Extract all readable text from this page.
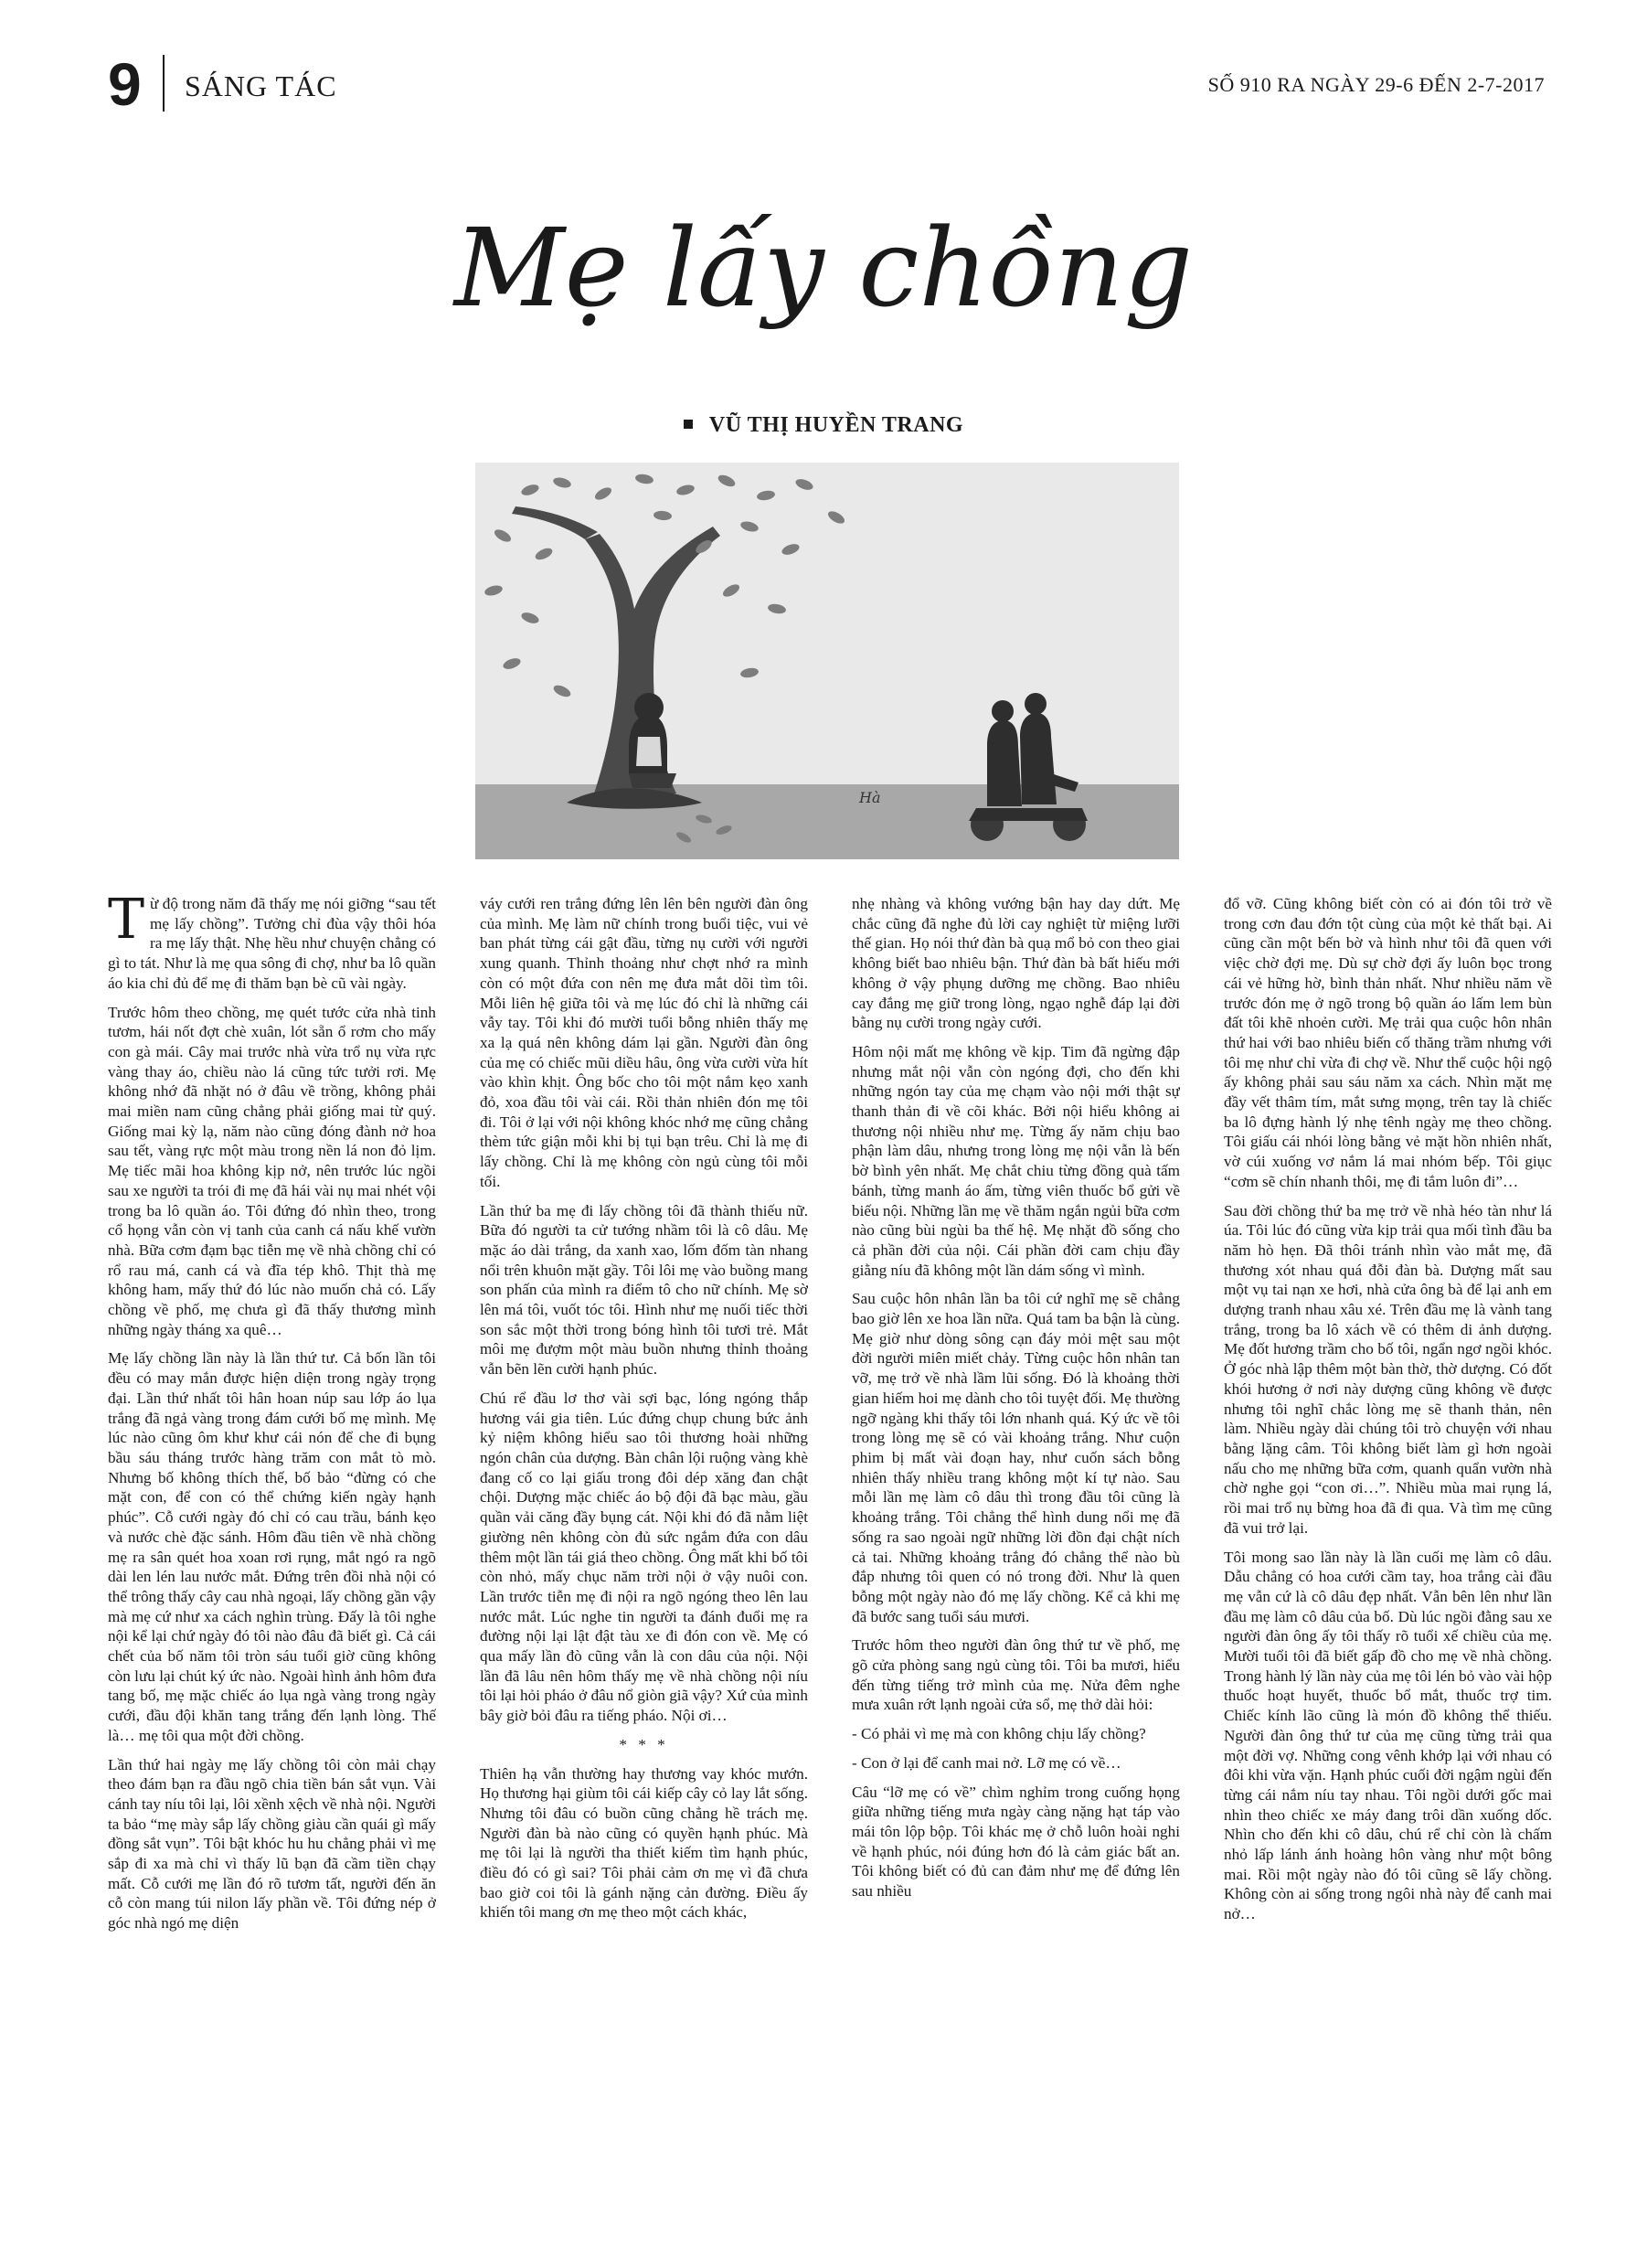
9 SÁNG TÁC	SỐ 910 RA NGÀY 29-6 ĐẾN 2-7-2017
Mẹ lấy chồng
VŨ THỊ HUYỀN TRANG
Hà

Từ độ trong năm đã thấy mẹ nói giỡng “sau tết mẹ lấy chồng”. Tưởng chỉ đùa vậy thôi hóa ra mẹ lấy thật. Nhẹ hều như chuyện chẳng có gì to tát. Như là mẹ qua sông đi chợ, như ba lô quần áo kia chỉ đủ để mẹ đi thăm bạn bè cũ vài ngày.

Trước hôm theo chồng, mẹ quét tước cửa nhà tinh tươm, hái nốt đợt chè xuân, lót sẵn ổ rơm cho mấy con gà mái. Cây mai trước nhà vừa trổ nụ vừa rực vàng thay áo, chiều nào lá cũng tức tưởi rơi. Mẹ không nhớ đã nhặt nó ở đâu về trồng, không phải mai miền nam cũng chẳng phải giống mai từ quý. Giống mai kỳ lạ, năm nào cũng đóng đành nở hoa sau tết, vàng rực một màu trong nền lá non đỏ lịm. Mẹ tiếc mãi hoa không kịp nở, nên trước lúc ngồi sau xe người ta trói đi mẹ đã hái vài nụ mai nhét vội trong ba lô quần áo. Tôi đứng đó nhìn theo, trong cổ họng vẫn còn vị tanh của canh cá nấu khế vườn nhà. Bữa cơm đạm bạc tiễn mẹ về nhà chồng chỉ có rổ rau má, canh cá và đĩa tép khô. Thịt thà mẹ không ham, mấy thứ đó lúc nào muốn chả có. Lấy chồng về phố, mẹ chưa gì đã thấy thương mình những ngày tháng xa quê…

Mẹ lấy chồng lần này là lần thứ tư. Cả bốn lần tôi đều có may mắn được hiện diện trong ngày trọng đại. Lần thứ nhất tôi hân hoan núp sau lớp áo lụa trắng đã ngả vàng trong đám cưới bố mẹ mình. Mẹ lúc nào cũng ôm khư khư cái nón để che đi bụng bầu sáu tháng trước hàng trăm con mắt tò mò. Nhưng bố không thích thế, bố bảo “đừng có che mặt con, để con có thể chứng kiến ngày hạnh phúc”. Cỗ cưới ngày đó chỉ có cau trầu, bánh kẹo và nước chè đặc sánh. Hôm đầu tiên về nhà chồng mẹ ra sân quét hoa xoan rơi rụng, mắt ngó ra ngõ dài len lén lau nước mắt. Đứng trên đồi nhà nội có thể trông thấy cây cau nhà ngoại, lấy chồng gần vậy mà mẹ cứ như xa cách nghìn trùng. Đấy là tôi nghe nội kể lại chứ ngày đó tôi nào đâu đã biết gì. Cả cái chết của bố năm tôi tròn sáu tuổi giờ cũng không còn lưu lại chút ký ức nào. Ngoài hình ảnh hôm đưa tang bố, mẹ mặc chiếc áo lụa ngà vàng trong ngày cưới, đầu đội khăn tang trắng đến lạnh lòng. Thế là… mẹ tôi qua một đời chồng.

Lần thứ hai ngày mẹ lấy chồng tôi còn mải chạy theo đám bạn ra đầu ngõ chia tiền bán sắt vụn. Vài cánh tay níu tôi lại, lôi xềnh xệch về nhà nội. Người ta bảo “mẹ mày sắp lấy chồng giàu cần quái gì mấy đồng sắt vụn”. Tôi bật khóc hu hu chẳng phải vì mẹ sắp đi xa mà chỉ vì thấy lũ bạn đã cầm tiền chạy mất. Cỗ cưới mẹ lần đó rõ tươm tất, người đến ăn cỗ còn mang túi nilon lấy phần về. Tôi đứng nép ở góc nhà ngó mẹ diện

váy cưới ren trắng đứng lên lên bên người đàn ông của mình. Mẹ làm nữ chính trong buổi tiệc, vui vẻ ban phát từng cái gật đầu, từng nụ cười với người xung quanh. Thỉnh thoảng như chợt nhớ ra mình còn có một đứa con nên mẹ đưa mắt dõi tìm tôi. Mỗi liên hệ giữa tôi và mẹ lúc đó chỉ là những cái vẫy tay. Tôi khi đó mười tuổi bỗng nhiên thấy mẹ xa lạ quá nên không dám lại gần. Người đàn ông của mẹ có chiếc mũi diều hâu, ông vừa cười vừa hít vào khìn khịt. Ông bốc cho tôi một nắm kẹo xanh đỏ, xoa đầu tôi vài cái. Rồi thản nhiên đón mẹ tôi đi. Tôi ở lại với nội không khóc nhớ mẹ cũng chẳng thèm tức giận mỗi khi bị tụi bạn trêu. Chỉ là mẹ đi lấy chồng. Chỉ là mẹ không còn ngủ cùng tôi mỗi tối.

Lần thứ ba mẹ đi lấy chồng tôi đã thành thiếu nữ. Bữa đó người ta cử tướng nhầm tôi là cô dâu. Mẹ mặc áo dài trắng, da xanh xao, lốm đốm tàn nhang nổi trên khuôn mặt gầy. Tôi lôi mẹ vào buồng mang son phấn của mình ra điểm tô cho nữ chính. Mẹ sờ lên má tôi, vuốt tóc tôi. Hình như mẹ nuối tiếc thời son sắc một thời trong bóng hình tôi tươi trẻ. Mắt môi mẹ đượm một màu buồn nhưng thỉnh thoảng vẫn bẽn lẽn cười hạnh phúc.

Chú rể đầu lơ thơ vài sợi bạc, lóng ngóng thắp hương vái gia tiên. Lúc đứng chụp chung bức ảnh kỷ niệm không hiểu sao tôi thương hoài những ngón chân của dượng. Bàn chân lội ruộng vàng khè đang cố co lại giấu trong đôi dép xăng đan chật chội. Dượng mặc chiếc áo bộ đội đã bạc màu, gầu quần vải căng đầy bụng cát. Nội khi đó đã nằm liệt giường nên không còn đủ sức ngắm đứa con dâu thêm một lần tái giá theo chồng. Ông mất khi bố tôi còn nhỏ, mấy chục năm trời nội ở vậy nuôi con. Lần trước tiễn mẹ đi nội ra ngõ ngóng theo lên lau nước mắt. Lúc nghe tin người ta đánh đuổi mẹ ra đường nội lại lật đật tàu xe đi đón con về. Mẹ có qua mấy lần đò cũng vẫn là con dâu của nội. Nội lần đã lâu nên hôm thấy mẹ về nhà chồng nội níu tôi lại hỏi pháo ở đâu nổ giòn giã vậy? Xứ của mình bây giờ bỏi đâu ra tiếng pháo. Nội ơi…

* * *

Thiên hạ vẫn thường hay thương vay khóc mướn. Họ thương hại giùm tôi cái kiếp cây cỏ lay lắt sống. Nhưng tôi đâu có buồn cũng chẳng hề trách mẹ. Người đàn bà nào cũng có quyền hạnh phúc. Mà mẹ tôi lại là người tha thiết kiếm tìm hạnh phúc, điều đó có gì sai? Tôi phải cảm ơn mẹ vì đã chưa bao giờ coi tôi là gánh nặng cản đường. Điều ấy khiến tôi mang ơn mẹ theo một cách khác,

nhẹ nhàng và không vướng bận hay day dứt. Mẹ chắc cũng đã nghe đủ lời cay nghiệt từ miệng lưỡi thế gian. Họ nói thứ đàn bà quạ mổ bỏ con theo giai không biết bao nhiêu bận. Thứ đàn bà bất hiếu mới không ở vậy phụng dưỡng mẹ chồng. Bao nhiêu cay đắng mẹ giữ trong lòng, ngạo nghễ đáp lại đời bằng nụ cười trong ngày cưới.

Hôm nội mất mẹ không về kịp. Tim đã ngừng đập nhưng mắt nội vẫn còn ngóng đợi, cho đến khi những ngón tay của mẹ chạm vào nội mới thật sự thanh thản đi về cõi khác. Bởi nội hiểu không ai thương nội nhiều như mẹ. Từng ấy năm chịu bao phận làm dâu, nhưng trong lòng mẹ nội vẫn là bến bờ bình yên nhất. Mẹ chắt chiu từng đồng quà tấm bánh, từng manh áo ấm, từng viên thuốc bổ gửi về biếu nội. Những lần mẹ về thăm ngắn ngủi bữa cơm nào cũng bùi ngùi ba thế hệ. Mẹ nhặt đồ sống cho cả phần đời của nội. Cái phần đời cam chịu đầy giằng níu đã không một lần dám sống vì mình.

Sau cuộc hôn nhân lần ba tôi cứ nghĩ mẹ sẽ chẳng bao giờ lên xe hoa lần nữa. Quá tam ba bận là cùng. Mẹ giờ như dòng sông cạn đáy mỏi mệt sau một đời người miên miết chảy. Từng cuộc hôn nhân tan vỡ, mẹ trở về nhà lầm lũi sống. Đó là khoảng thời gian hiếm hoi mẹ dành cho tôi tuyệt đối. Mẹ thường ngỡ ngàng khi thấy tôi lớn nhanh quá. Ký ức về tôi trong lòng mẹ sẽ có vài khoảng trắng. Như cuộn phim bị mất vài đoạn hay, như cuốn sách bỗng nhiên thấy nhiều trang không một kí tự nào. Sau mỗi lần mẹ làm cô dâu thì trong đầu tôi cũng là khoảng trắng. Tôi chẳng thể hình dung nổi mẹ đã sống ra sao ngoài ngữ những lời đồn đại chật ních cả tai. Những khoảng trắng đó chẳng thể nào bù đắp nhưng tôi quen có nó trong đời. Như là quen bỗng một ngày nào đó mẹ lấy chồng. Kể cả khi mẹ đã bước sang tuổi sáu mươi.

Trước hôm theo người đàn ông thứ tư về phố, mẹ gõ cửa phòng sang ngủ cùng tôi. Tôi ba mươi, hiểu đến từng tiếng trở mình của mẹ. Nửa đêm nghe mưa xuân rớt lạnh ngoài cửa sổ, mẹ thở dài hỏi:

- Có phải vì mẹ mà con không chịu lấy chồng?

- Con ở lại để canh mai nở. Lỡ mẹ có về…

Câu “lỡ mẹ có về” chìm nghỉm trong cuống họng giữa những tiếng mưa ngày càng nặng hạt táp vào mái tôn lộp bộp. Tôi khác mẹ ở chỗ luôn hoài nghi về hạnh phúc, nói đúng hơn đó là cảm giác bất an. Tôi không biết có đủ can đảm như mẹ để đứng lên sau nhiều

đổ vỡ. Cũng không biết còn có ai đón tôi trở về trong cơn đau đớn tột cùng của một kẻ thất bại. Ai cũng cần một bến bờ và hình như tôi đã quen với việc chờ đợi mẹ. Dù sự chờ đợi ấy luôn bọc trong cái vẻ hững hờ, bình thản nhất. Như nhiều năm về trước đón mẹ ở ngõ trong bộ quần áo lấm lem bùn đất tôi khẽ nhoẻn cười. Mẹ trải qua cuộc hôn nhân thứ hai với bao nhiêu biến cố thăng trầm nhưng với tôi mẹ như chỉ vừa đi chợ về. Như thể cuộc hội ngộ ấy không phải sau sáu năm xa cách. Nhìn mặt mẹ đầy vết thâm tím, mắt sưng mọng, trên tay là chiếc ba lô đựng hành lý nhẹ tênh ngày mẹ theo chồng. Tôi giấu cái nhói lòng bằng vẻ mặt hồn nhiên nhất, vờ cúi xuống vơ nắm lá mai nhóm bếp. Tôi giục “cơm sẽ chín nhanh thôi, mẹ đi tắm luôn đi”…

Sau đời chồng thứ ba mẹ trở về nhà héo tàn như lá úa. Tôi lúc đó cũng vừa kịp trải qua mối tình đầu ba năm hò hẹn. Đã thôi tránh nhìn vào mắt mẹ, đã thương xót nhau quá đỗi đàn bà. Dượng mất sau một vụ tai nạn xe hơi, nhà cửa ông bà để lại anh em dượng tranh nhau xâu xé. Trên đầu mẹ là vành tang trắng, trong ba lô xách về có thêm di ảnh dượng. Mẹ đốt hương trầm cho bố tôi, ngẩn ngơ ngồi khóc. Ở góc nhà lập thêm một bàn thờ, thờ dượng. Có đốt khói hương ở nơi này dượng cũng không về được nhưng tôi nghĩ chắc lòng mẹ sẽ thanh thản, nên làm. Nhiều ngày dài chúng tôi trò chuyện với nhau bằng lặng câm. Tôi không biết làm gì hơn ngoài nấu cho mẹ những bữa cơm, quanh quẩn vườn nhà chờ nghe gọi “con ơi…”. Nhiều mùa mai rụng lá, rồi mai trổ nụ bừng hoa đã đi qua. Và tìm mẹ cũng đã vui trở lại.

Tôi mong sao lần này là lần cuối mẹ làm cô dâu. Dẫu chẳng có hoa cưới cầm tay, hoa trắng cài đầu mẹ vẫn cứ là cô dâu đẹp nhất. Vẫn bên lên như lần đầu mẹ làm cô dâu của bố. Dù lúc ngồi đằng sau xe người đàn ông ấy tôi thấy rõ tuổi xế chiều của mẹ. Mười tuổi tôi đã biết gấp đồ cho mẹ về nhà chồng. Trong hành lý lần này của mẹ tôi lén bỏ vào vài hộp thuốc hoạt huyết, thuốc bổ mắt, thuốc trợ tim. Chiếc kính lão cũng là món đồ không thể thiếu. Người đàn ông thứ tư của mẹ cũng từng trải qua một đời vợ. Những cong vênh khớp lại với nhau có đôi khi vừa vặn. Hạnh phúc cuối đời ngậm ngùi đến từng cái nắm níu tay nhau. Tôi ngồi dưới gốc mai nhìn theo chiếc xe máy đang trôi dần xuống dốc. Nhìn cho đến khi cô dâu, chú rể chỉ còn là chấm nhỏ lấp lánh ánh hoàng hôn vàng như một bông mai. Rồi một ngày nào đó tôi cũng sẽ lấy chồng. Không còn ai sống trong ngôi nhà này để canh mai nở…
